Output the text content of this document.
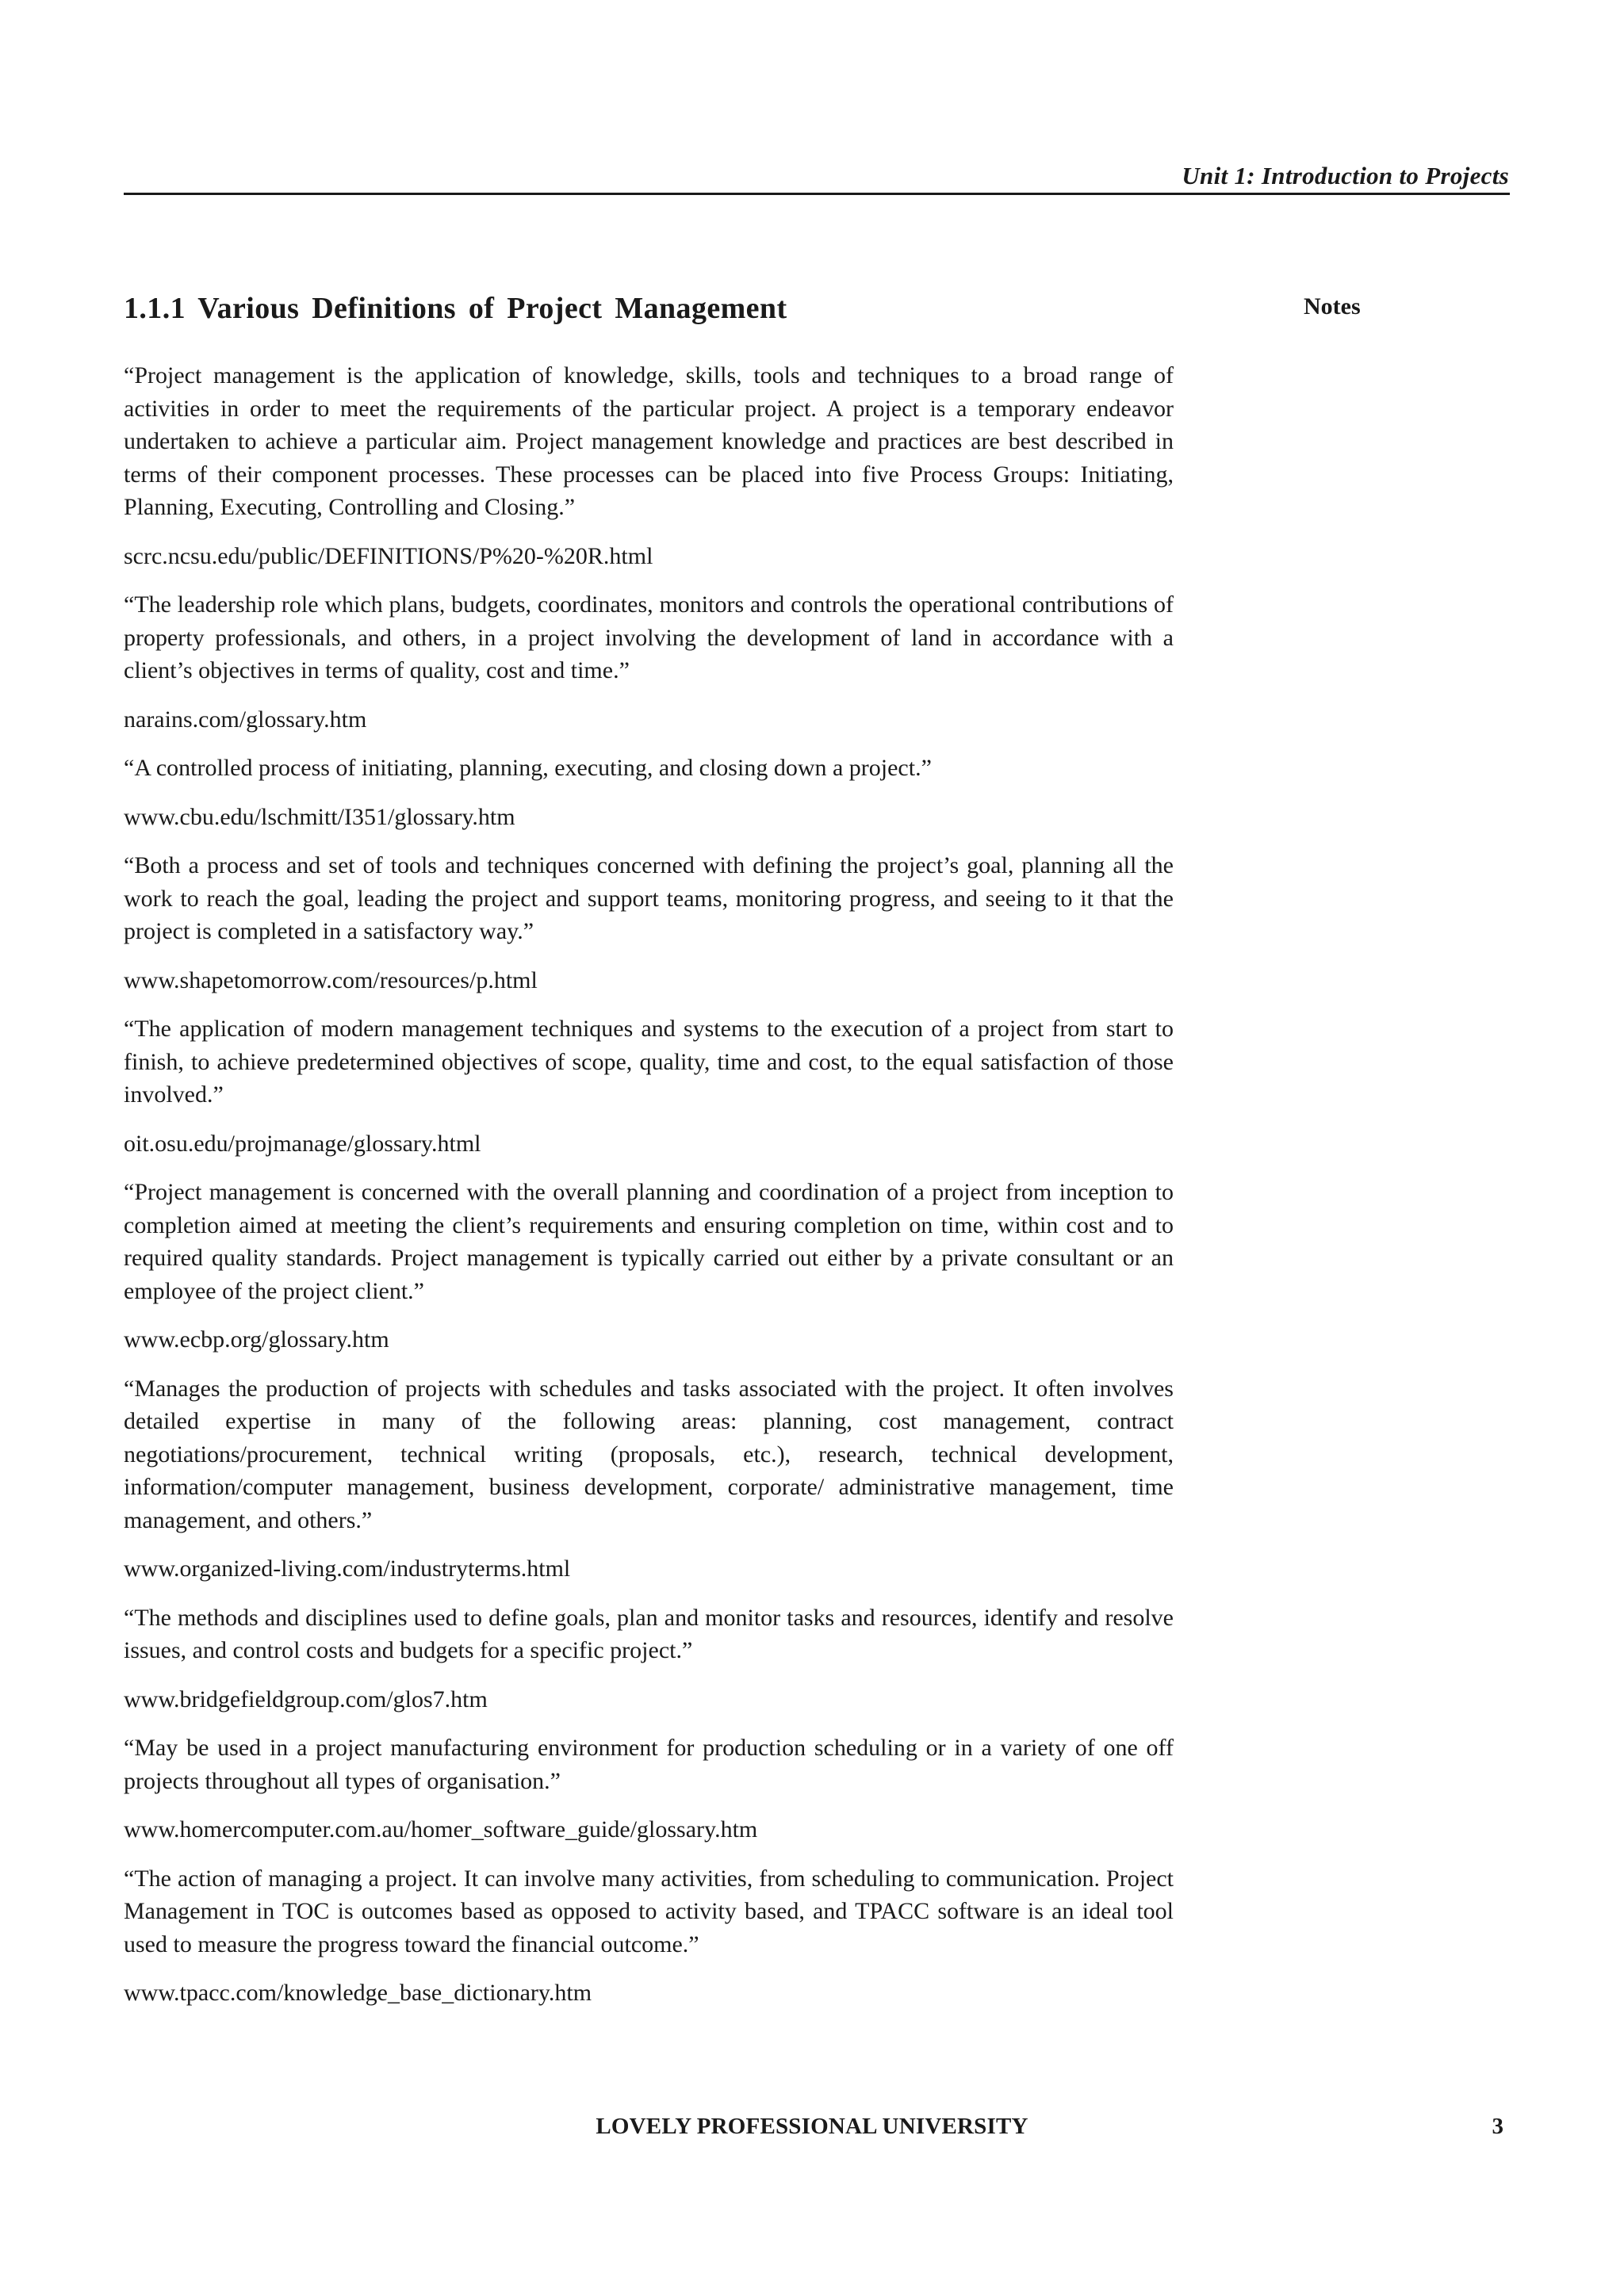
Unit 1: Introduction to Projects
1.1.1 Various Definitions of Project Management	Notes

“Project management is the application of knowledge, skills, tools and techniques to a broad range of activities in order to meet the requirements of the particular project. A project is a temporary endeavor undertaken to achieve a particular aim. Project management knowledge and practices are best described in terms of their component processes. These processes can be placed into five Process Groups: Initiating, Planning, Executing, Controlling and Closing.”

scrc.ncsu.edu/public/DEFINITIONS/P%20-%20R.html

“The leadership role which plans, budgets, coordinates, monitors and controls the operational contributions of property professionals, and others, in a project involving the development of land in accordance with a client’s objectives in terms of quality, cost and time.”

narains.com/glossary.htm

“A controlled process of initiating, planning, executing, and closing down a project.”

www.cbu.edu/lschmitt/I351/glossary.htm

“Both a process and set of tools and techniques concerned with defining the project’s goal, planning all the work to reach the goal, leading the project and support teams, monitoring progress, and seeing to it that the project is completed in a satisfactory way.”

www.shapetomorrow.com/resources/p.html

“The application of modern management techniques and systems to the execution of a project from start to finish, to achieve predetermined objectives of scope, quality, time and cost, to the equal satisfaction of those involved.”

oit.osu.edu/projmanage/glossary.html

“Project management is concerned with the overall planning and coordination of a project from inception to completion aimed at meeting the client’s requirements and ensuring completion on time, within cost and to required quality standards. Project management is typically carried out either by a private consultant or an employee of the project client.”

www.ecbp.org/glossary.htm

“Manages the production of projects with schedules and tasks associated with the project. It often involves detailed expertise in many of the following areas: planning, cost management, contract negotiations/procurement, technical writing (proposals, etc.), research, technical development, information/computer management, business development, corporate/ administrative management, time management, and others.”

www.organized-living.com/industryterms.html

“The methods and disciplines used to define goals, plan and monitor tasks and resources, identify and resolve issues, and control costs and budgets for a specific project.”

www.bridgefieldgroup.com/glos7.htm

“May be used in a project manufacturing environment for production scheduling or in a variety of one off projects throughout all types of organisation.”

www.homercomputer.com.au/homer_software_guide/glossary.htm

“The action of managing a project. It can involve many activities, from scheduling to communication. Project Management in TOC is outcomes based as opposed to activity based, and TPACC software is an ideal tool used to measure the progress toward the financial outcome.”

www.tpacc.com/knowledge_base_dictionary.htm

LOVELY PROFESSIONAL UNIVERSITY	3
